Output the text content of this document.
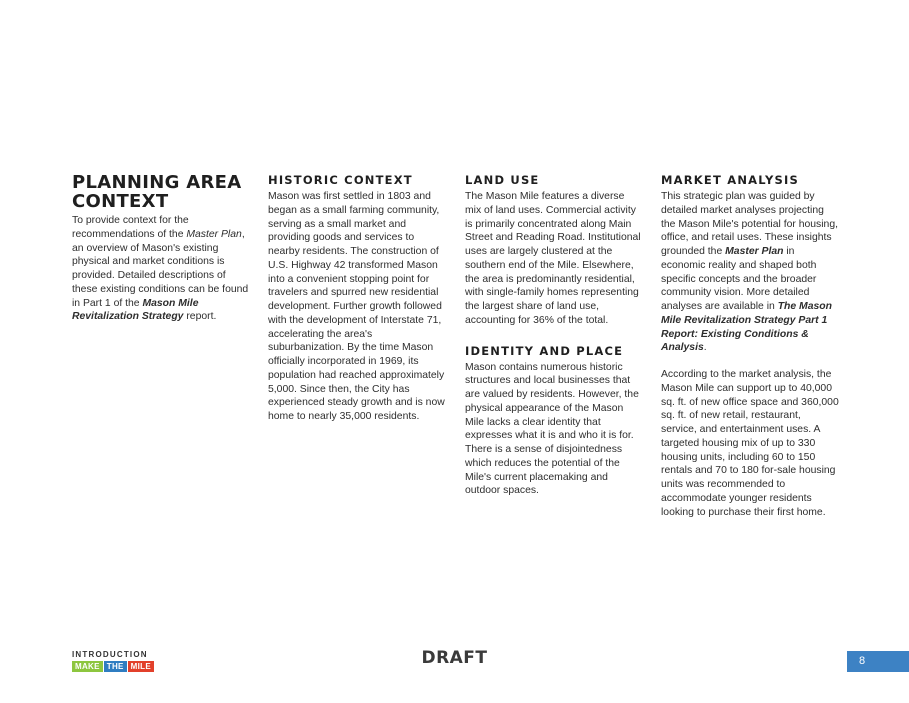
PLANNING AREA CONTEXT

To provide context for the recommendations of the Master Plan, an overview of Mason's existing physical and market conditions is provided. Detailed descriptions of these existing conditions can be found in Part 1 of the Mason Mile Revitalization Strategy report.

HISTORIC CONTEXT

Mason was first settled in 1803 and began as a small farming community, serving as a small market and providing goods and services to nearby residents. The construction of U.S. Highway 42 transformed Mason into a convenient stopping point for travelers and spurred new residential development. Further growth followed with the development of Interstate 71, accelerating the area's suburbanization. By the time Mason officially incorporated in 1969, its population had reached approximately 5,000. Since then, the City has experienced steady growth and is now home to nearly 35,000 residents.

LAND USE

The Mason Mile features a diverse mix of land uses. Commercial activity is primarily concentrated along Main Street and Reading Road. Institutional uses are largely clustered at the southern end of the Mile. Elsewhere, the area is predominantly residential, with single-family homes representing the largest share of land use, accounting for 36% of the total.

IDENTITY AND PLACE

Mason contains numerous historic structures and local businesses that are valued by residents. However, the physical appearance of the Mason Mile lacks a clear identity that expresses what it is and who it is for. There is a sense of disjointedness which reduces the potential of the Mile's current placemaking and outdoor spaces.

MARKET ANALYSIS

This strategic plan was guided by detailed market analyses projecting the Mason Mile's potential for housing, office, and retail uses. These insights grounded the Master Plan in economic reality and shaped both specific concepts and the broader community vision. More detailed analyses are available in The Mason Mile Revitalization Strategy Part 1 Report: Existing Conditions & Analysis.

According to the market analysis, the Mason Mile can support up to 40,000 sq. ft. of new office space and 360,000 sq. ft. of new retail, restaurant, service, and entertainment uses. A targeted housing mix of up to 330 housing units, including 60 to 150 rentals and 70 to 180 for-sale housing units was recommended to accommodate younger residents looking to purchase their first home.

INTRODUCTION
MAKE THE MILE	DRAFT	8
